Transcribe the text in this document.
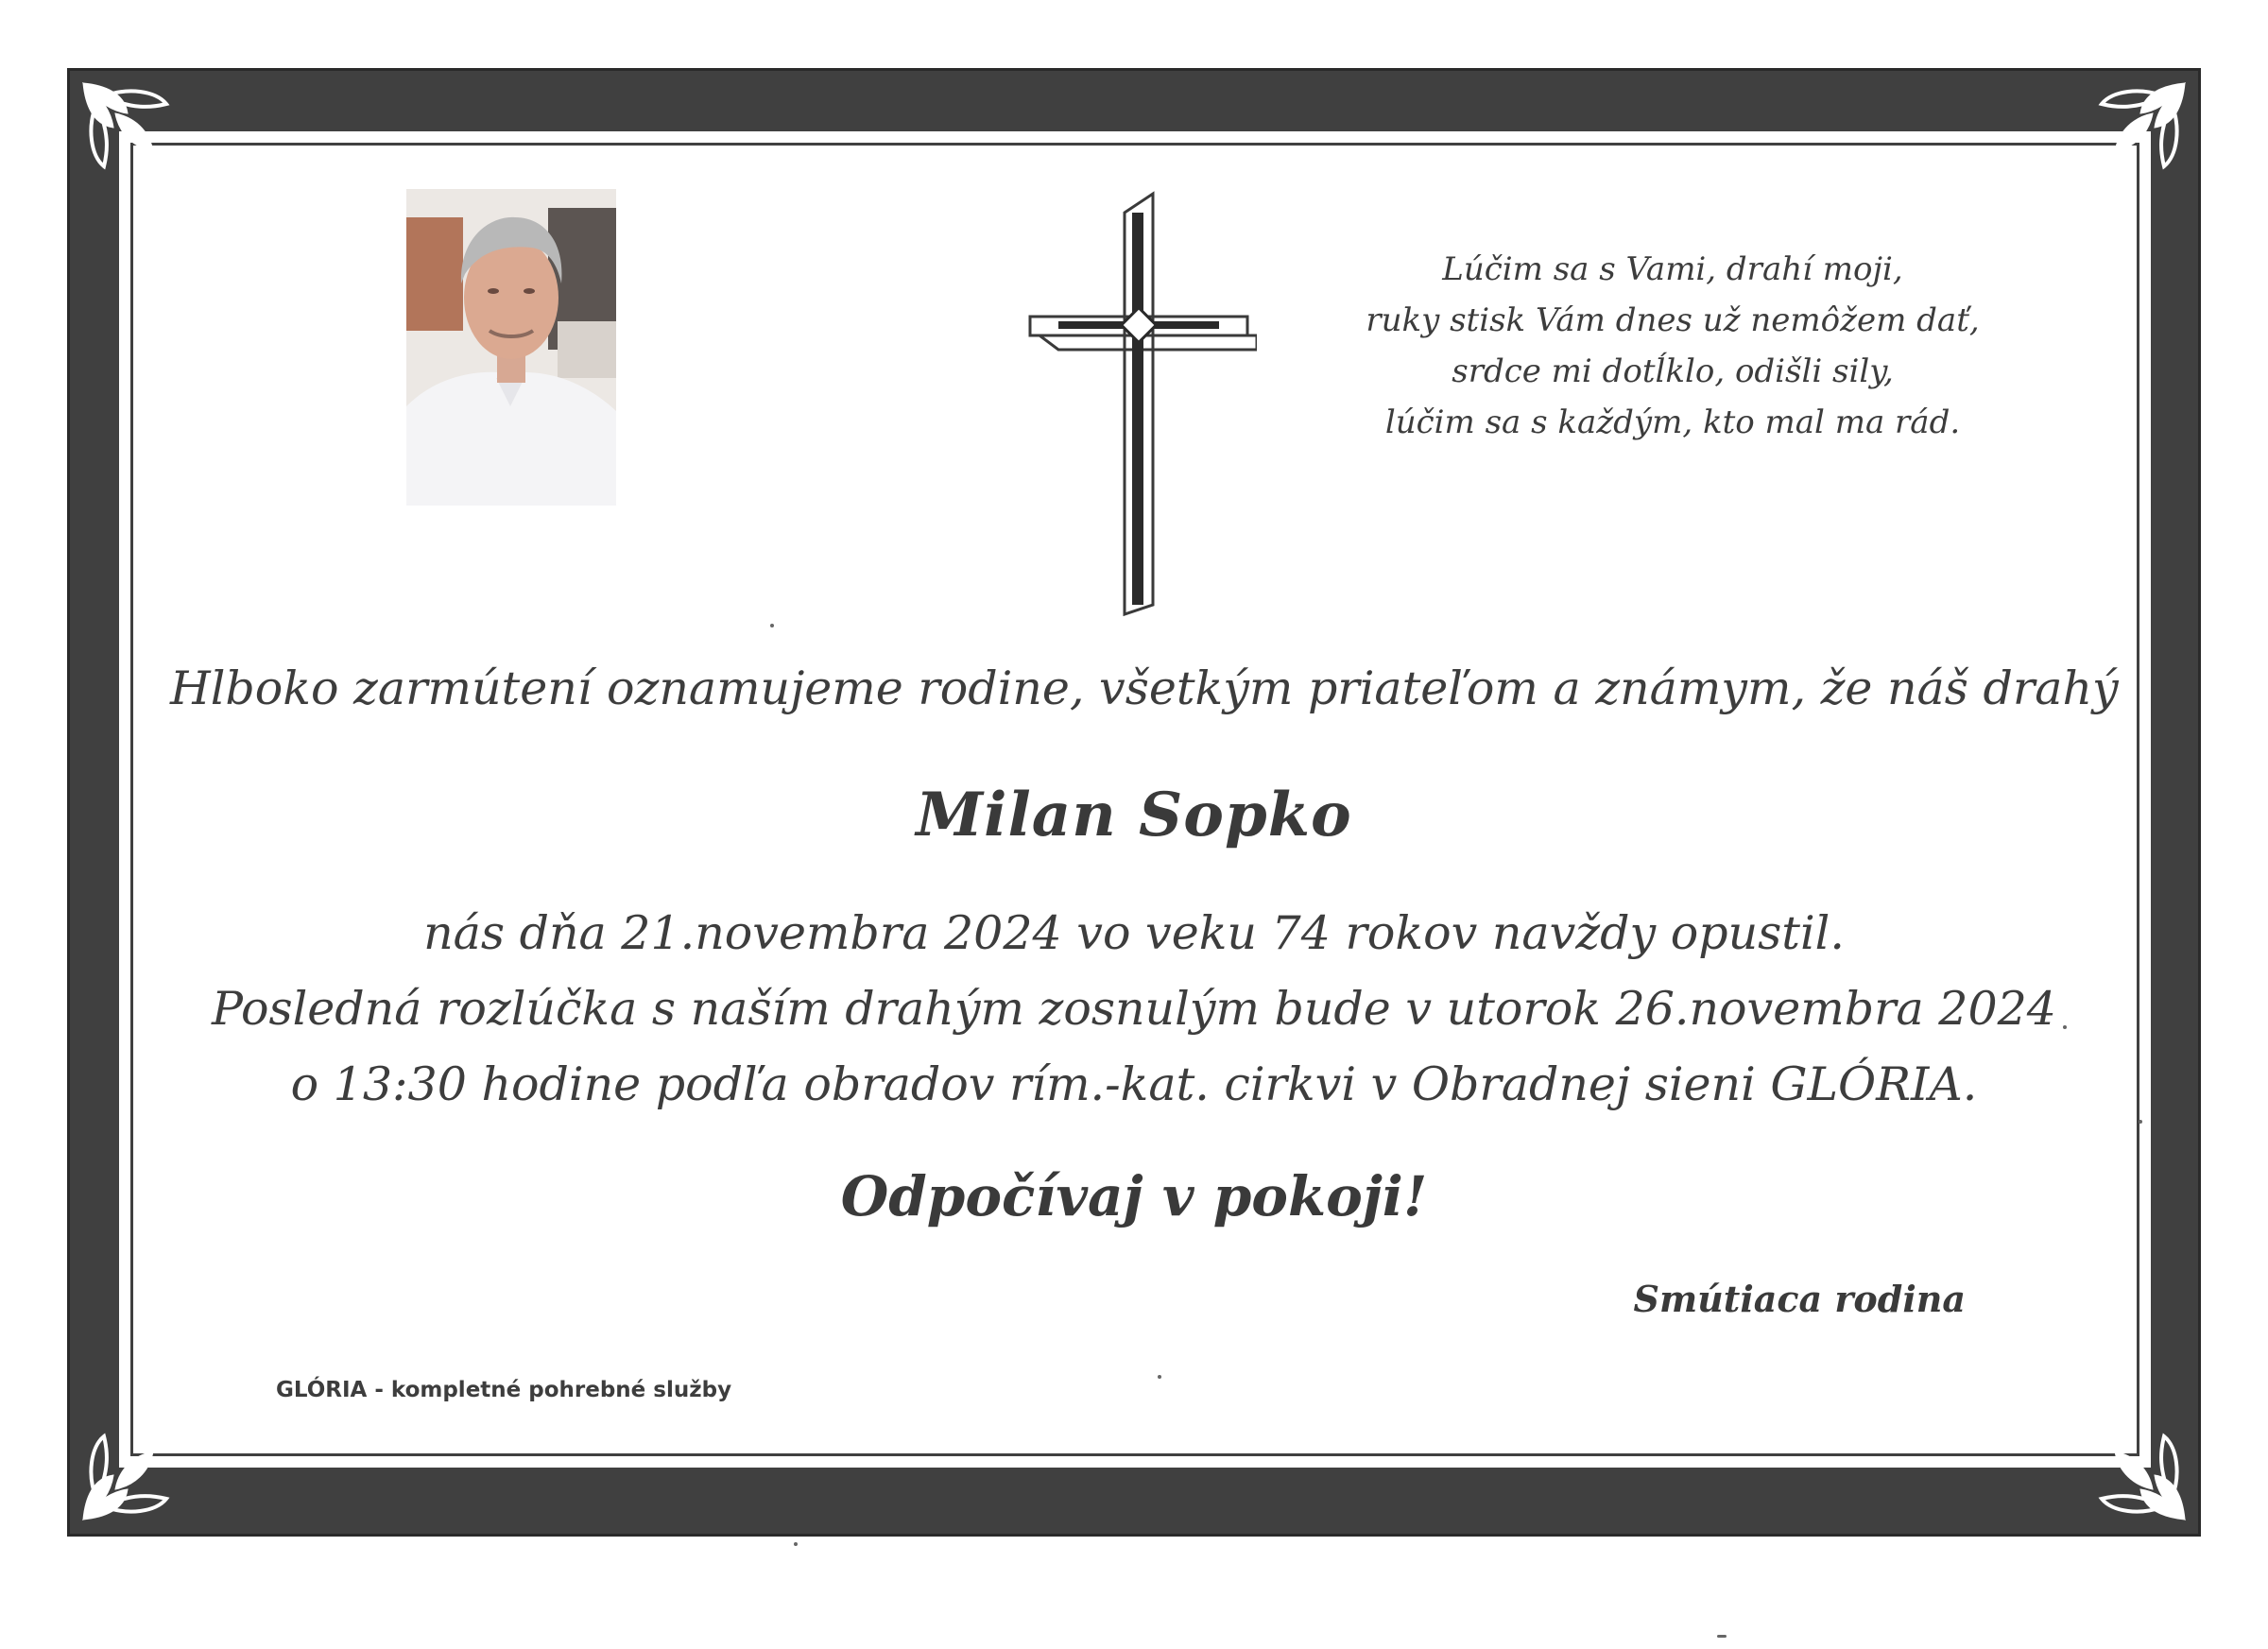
Lúčim sa s Vami, drahí moji,
ruky stisk Vám dnes už nemôžem dať,
srdce mi dotĺklo, odišli sily,
lúčim sa s každým, kto mal ma rád.
Hlboko zarmútení oznamujeme rodine, všetkým priateľom a známym, že náš drahý
Milan Sopko
nás dňa 21.novembra 2024 vo veku 74 rokov navždy opustil.
Posledná rozlúčka s naším drahým zosnulým bude v utorok 26.novembra 2024
o 13:30 hodine podľa obradov rím.-kat. cirkvi v Obradnej sieni GLÓRIA.
Odpočívaj v pokoji!
Smútiaca rodina
GLÓRIA - kompletné pohrebné služby
